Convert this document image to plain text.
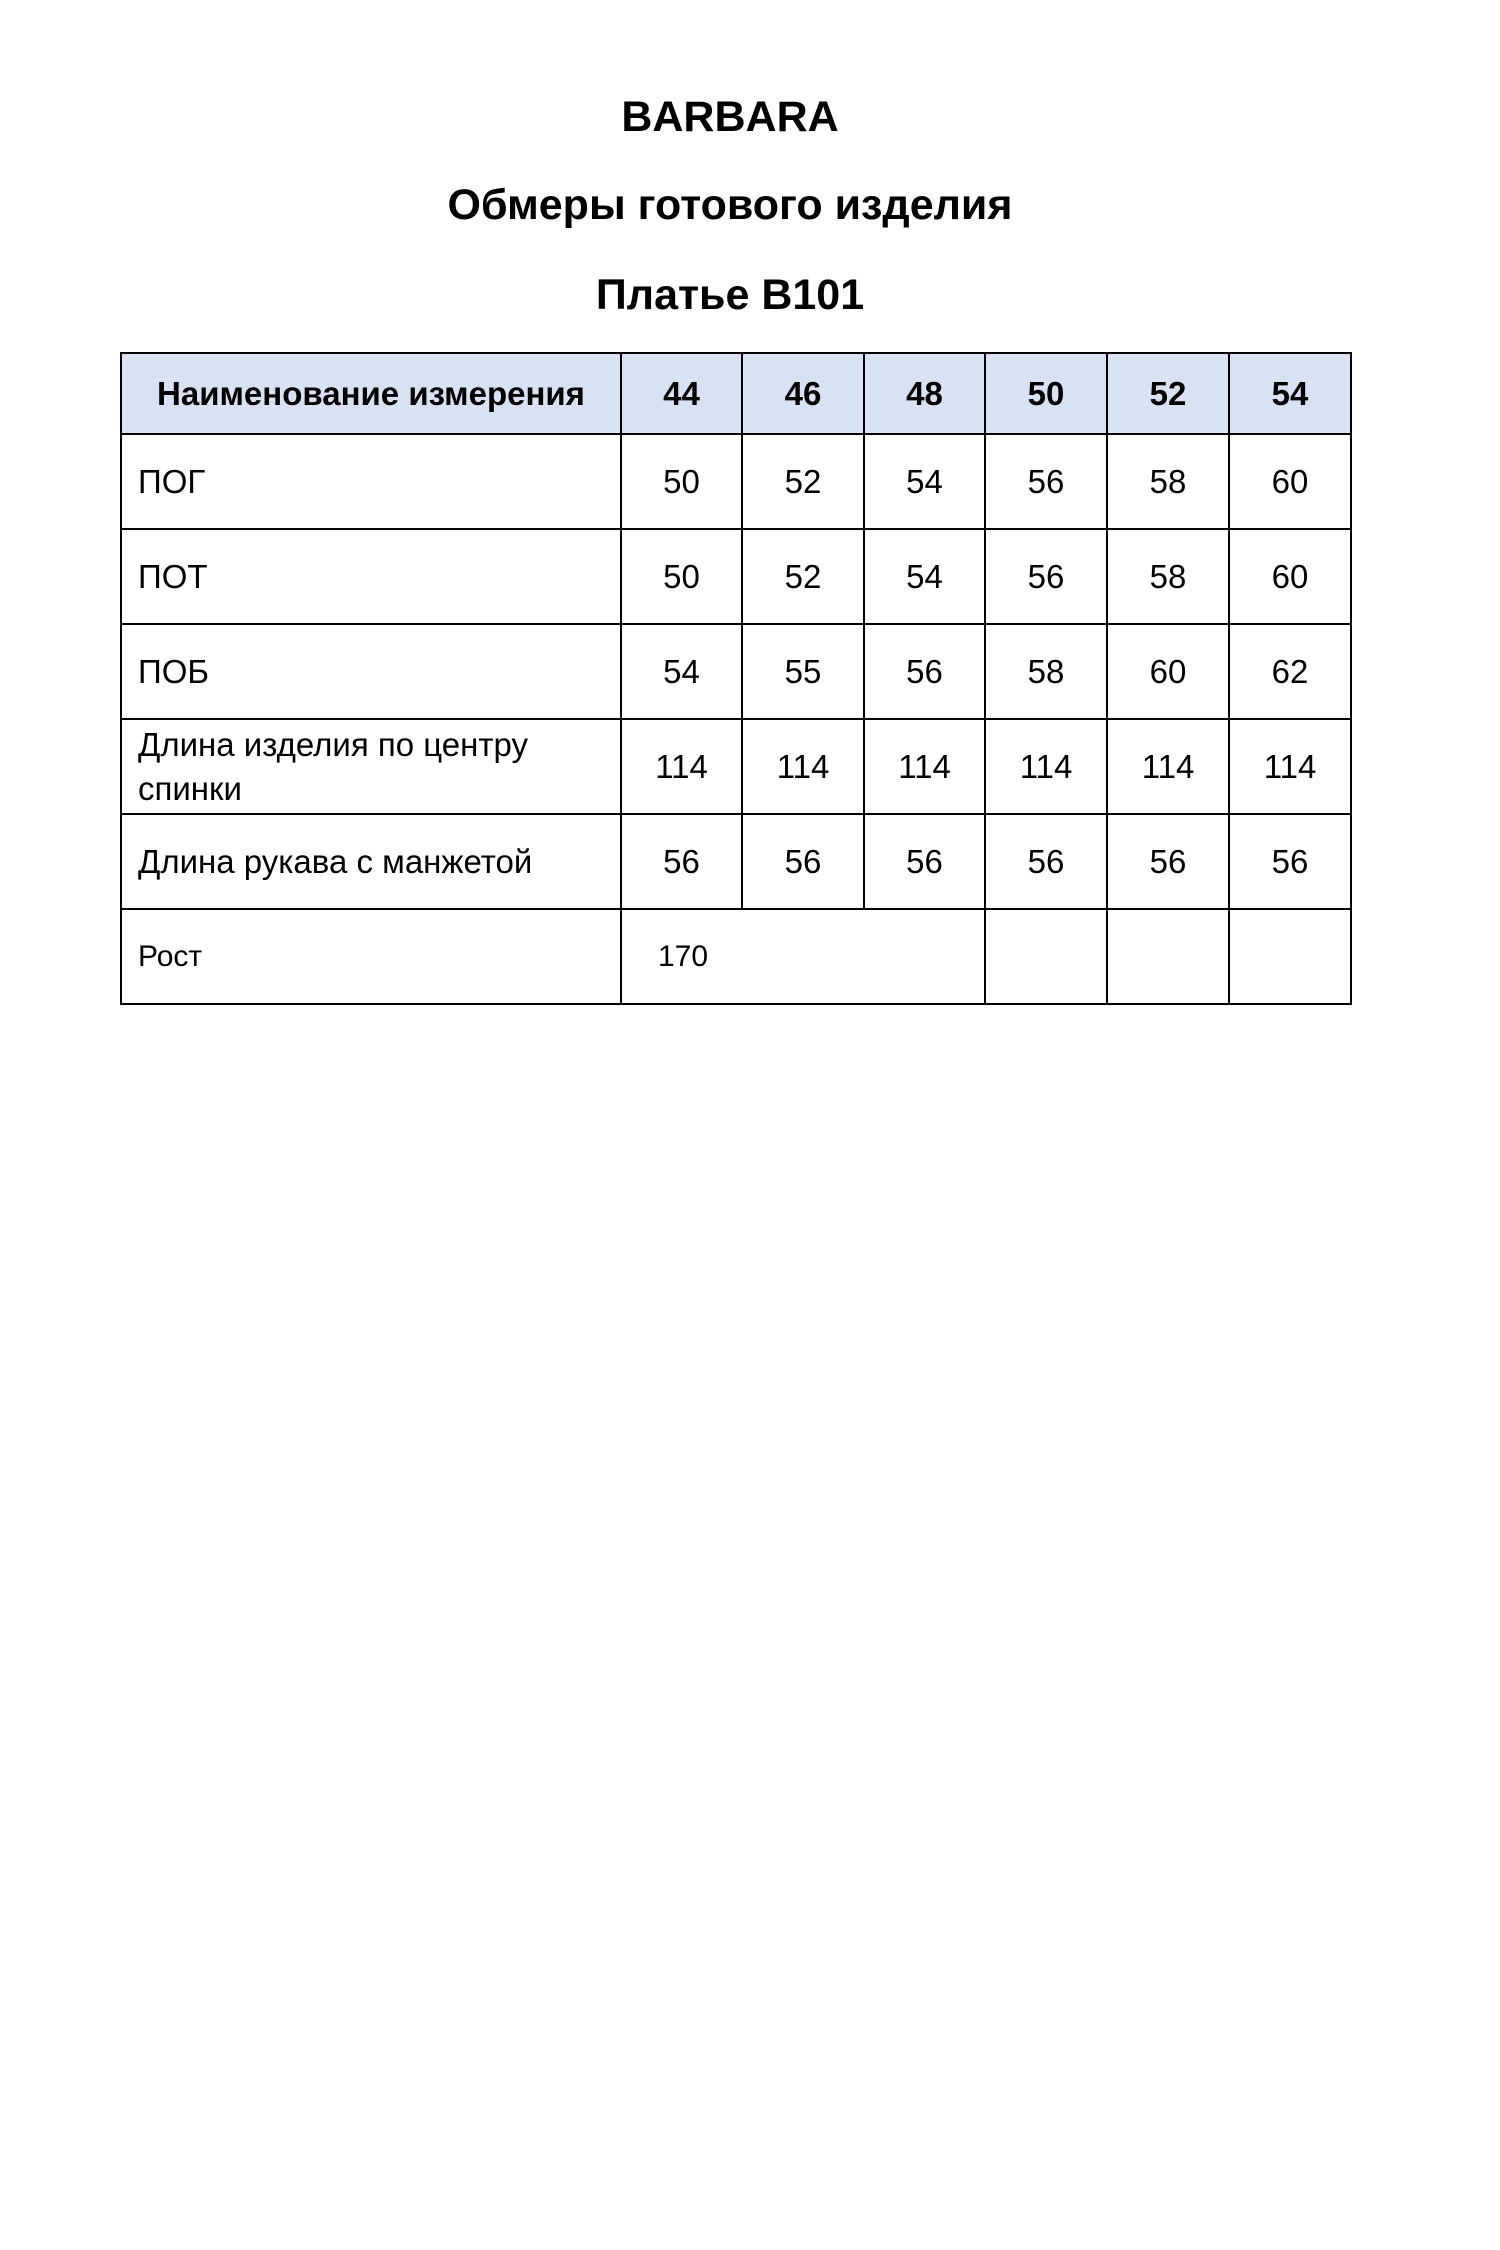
BARBARA
Обмеры готового изделия
Платье B101
Наименование измерения	44	46	48	50	52	54
ПОГ	50	52	54	56	58	60
ПОТ	50	52	54	56	58	60
ПОБ	54	55	56	58	60	62
Длина изделия по центру спинки	114	114	114	114	114	114
Длина рукава с манжетой	56	56	56	56	56	56
Рост	170					
